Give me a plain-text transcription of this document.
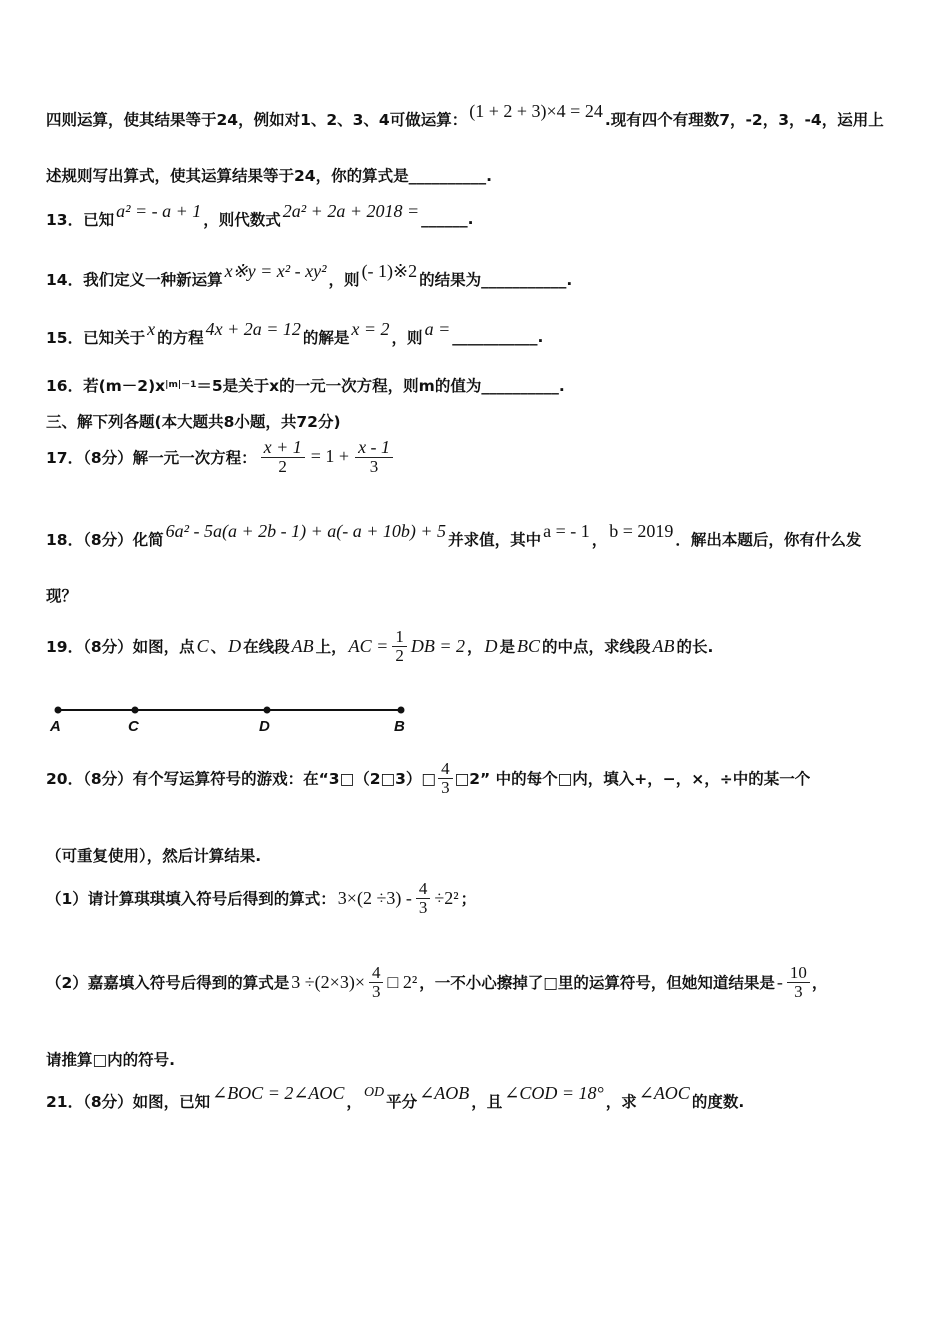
四则运算，使其结果等于24，例如对1、2、3、4可做运算： (1 + 2 + 3)×4 = 24 .现有四个有理数7，-2，3，-4，运用上
述规则写出算式，使其运算结果等于24，你的算式是__________.
13．已知 a² = - a + 1 ，则代数式 2a² + 2a + 2018 = ______.
14．我们定义一种新运算 x※y = x² - xy² ，则 (- 1)※2 的结果为___________.
15．已知关于 x 的方程 4x + 2a = 12 的解是 x = 2 ，则 a = ___________.
16．若$(m-2)x^{|m|-1} =5$是关于x的一元一次方程，则m的值为__________.
三、解下列各题(本大题共8小题，共72分)
17．（8分）解一元一次方程： $\frac{x + 1}{2} = 1 + \frac{x - 1}{3}$
18．（8分）化简 6a² - 5a(a + 2b - 1) + a(- a + 10b) + 5 并求值，其中 a = - 1 ， b = 2019 ．解出本题后，你有什么发
现？
19．（8分）如图，点 C 、 D 在线段 AB 上， AC = $\frac{1}{2}$ DB = 2 ， D 是 BC 的中点，求线段 AB 的长.
A	C	D	B
20．（8分）有个写运算符号的游戏：在“3□（2□3）□ $\frac{4}{3}$ □2” 中的每个□内，填入+，−，×，÷中的某一个
（可重复使用），然后计算结果.
（1）请计算琪琪填入符号后得到的算式： $3\times(2 \div 3) - \frac{4}{3} \div 2^2$ ；
（2）嘉嘉填入符号后得到的算式是 $3 \div(2\times 3)\times \frac{4}{3}$ □ 2² ，一不小心擦掉了□里的运算符号，但她知道结果是 - $\frac{10}{3}$ ，
请推算□内的符号.
21．（8分）如图，已知 ∠BOC = 2∠AOC ，
OD
平分 ∠AOB ，且 ∠COD = 18° ，求 ∠AOC 的度数.
